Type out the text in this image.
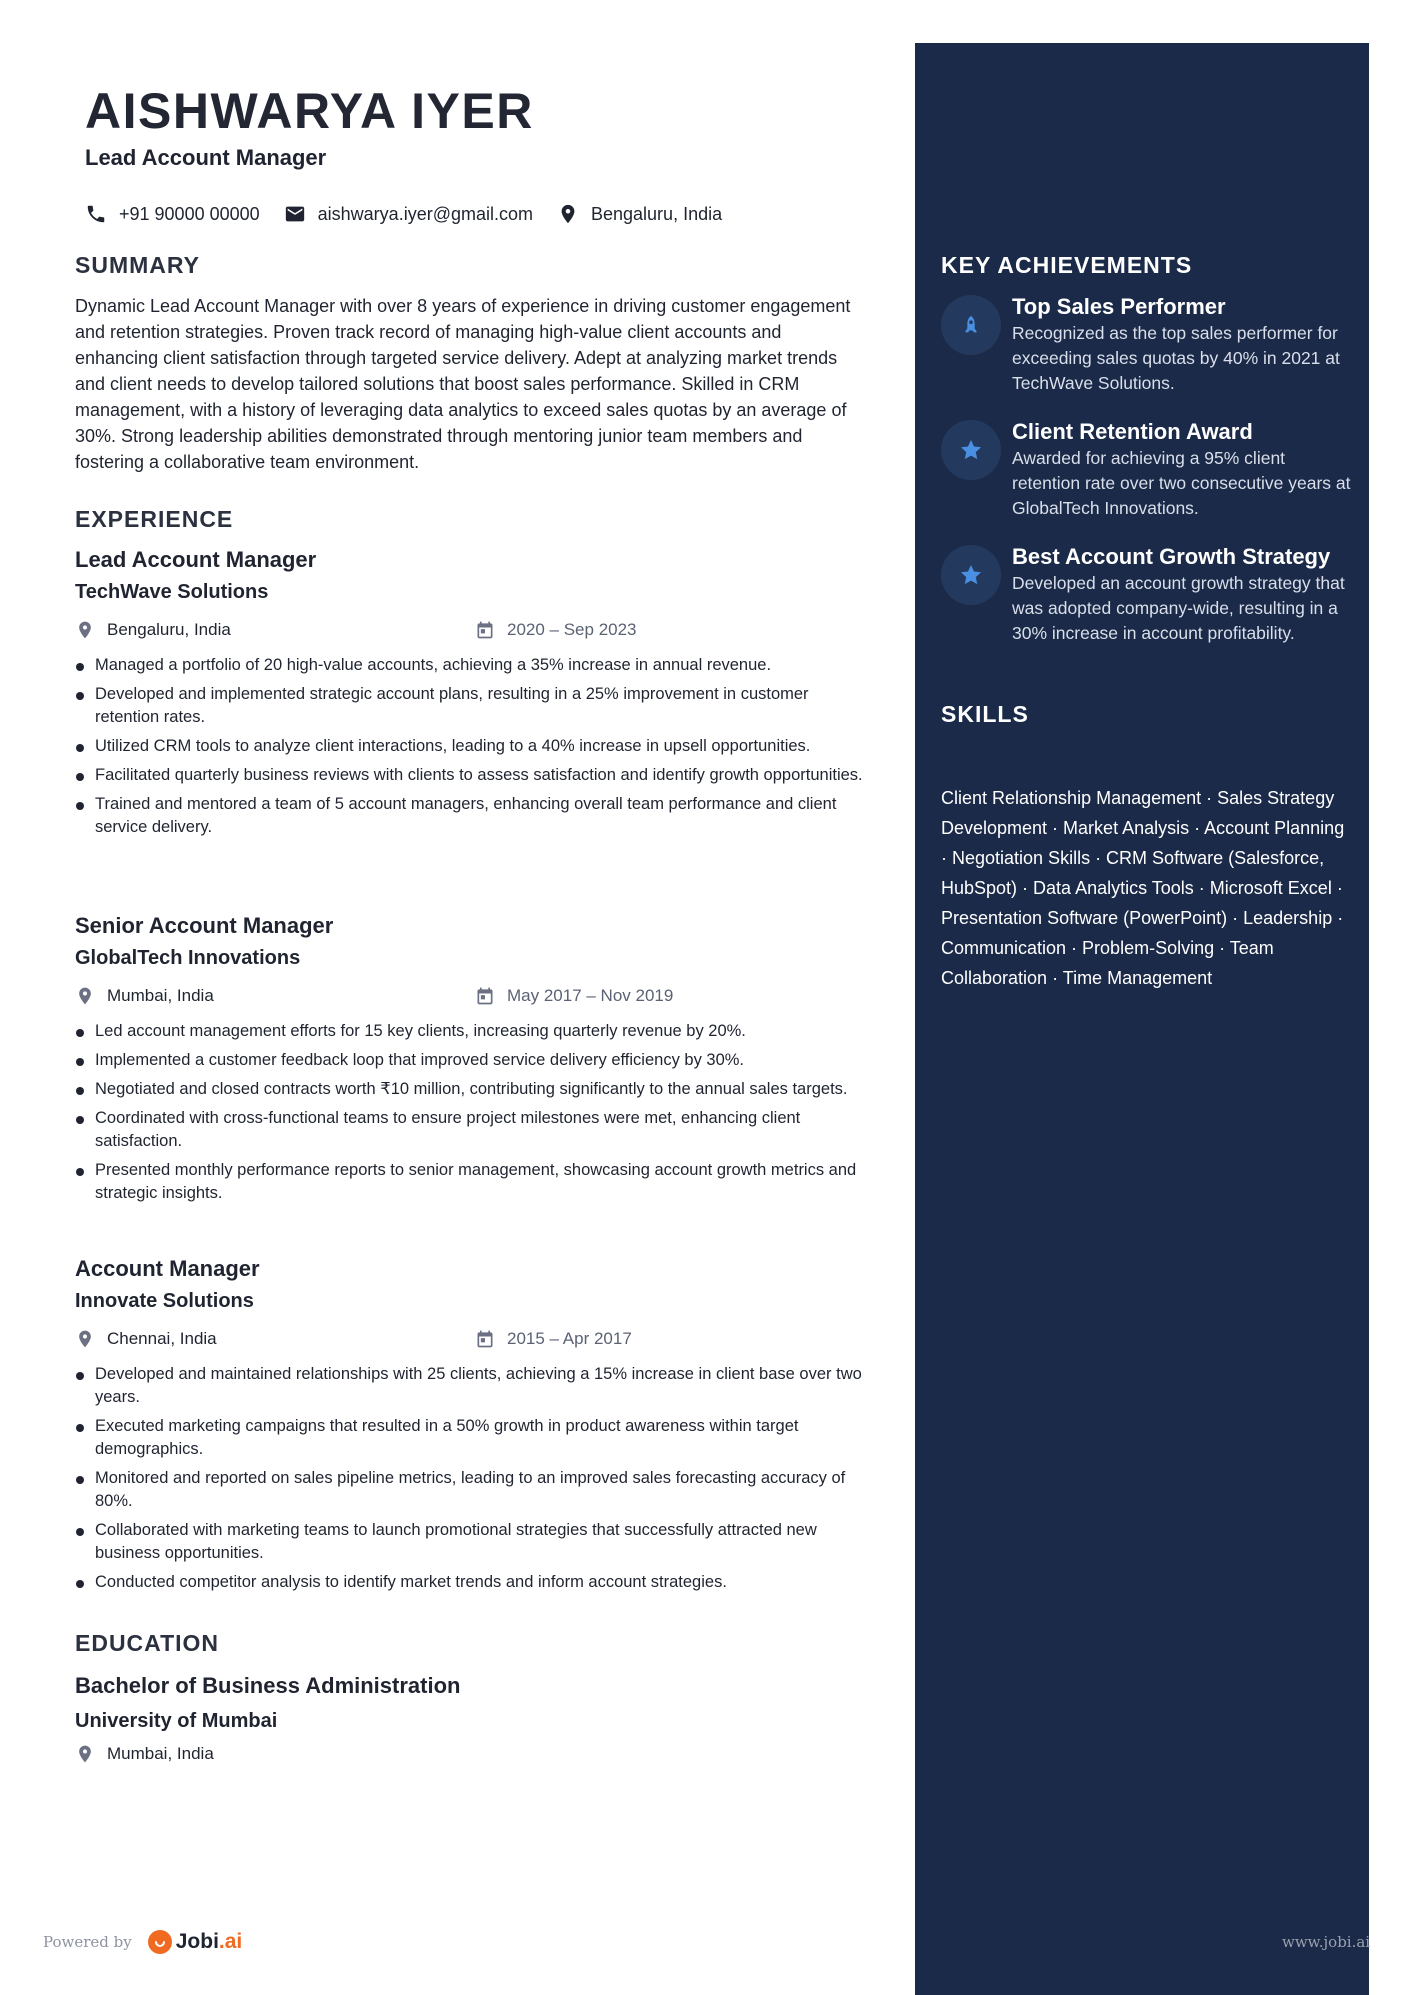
AISHWARYA IYER
Lead Account Manager
+91 90000 00000	aishwarya.iyer@gmail.com	Bengaluru, India
SUMMARY
Dynamic Lead Account Manager with over 8 years of experience in driving customer engagement and retention strategies. Proven track record of managing high-value client accounts and enhancing client satisfaction through targeted service delivery. Adept at analyzing market trends and client needs to develop tailored solutions that boost sales performance. Skilled in CRM management, with a history of leveraging data analytics to exceed sales quotas by an average of 30%. Strong leadership abilities demonstrated through mentoring junior team members and fostering a collaborative team environment.
EXPERIENCE
Lead Account Manager
TechWave Solutions
Bengaluru, India	2020 – Sep 2023
Managed a portfolio of 20 high-value accounts, achieving a 35% increase in annual revenue.
Developed and implemented strategic account plans, resulting in a 25% improvement in customer retention rates.
Utilized CRM tools to analyze client interactions, leading to a 40% increase in upsell opportunities.
Facilitated quarterly business reviews with clients to assess satisfaction and identify growth opportunities.
Trained and mentored a team of 5 account managers, enhancing overall team performance and client service delivery.
Senior Account Manager
GlobalTech Innovations
Mumbai, India	May 2017 – Nov 2019
Led account management efforts for 15 key clients, increasing quarterly revenue by 20%.
Implemented a customer feedback loop that improved service delivery efficiency by 30%.
Negotiated and closed contracts worth ₹10 million, contributing significantly to the annual sales targets.
Coordinated with cross-functional teams to ensure project milestones were met, enhancing client satisfaction.
Presented monthly performance reports to senior management, showcasing account growth metrics and strategic insights.
Account Manager
Innovate Solutions
Chennai, India	2015 – Apr 2017
Developed and maintained relationships with 25 clients, achieving a 15% increase in client base over two years.
Executed marketing campaigns that resulted in a 50% growth in product awareness within target demographics.
Monitored and reported on sales pipeline metrics, leading to an improved sales forecasting accuracy of 80%.
Collaborated with marketing teams to launch promotional strategies that successfully attracted new business opportunities.
Conducted competitor analysis to identify market trends and inform account strategies.
EDUCATION
Bachelor of Business Administration
University of Mumbai
Mumbai, India
KEY ACHIEVEMENTS
Top Sales Performer
Recognized as the top sales performer for exceeding sales quotas by 40% in 2021 at TechWave Solutions.
Client Retention Award
Awarded for achieving a 95% client retention rate over two consecutive years at GlobalTech Innovations.
Best Account Growth Strategy
Developed an account growth strategy that was adopted company-wide, resulting in a 30% increase in account profitability.
SKILLS
Client Relationship Management · Sales Strategy Development · Market Analysis · Account Planning · Negotiation Skills · CRM Software (Salesforce, HubSpot) · Data Analytics Tools · Microsoft Excel · Presentation Software (PowerPoint) · Leadership · Communication · Problem-Solving · Team Collaboration · Time Management
Powered by Jobi.ai	www.jobi.ai
